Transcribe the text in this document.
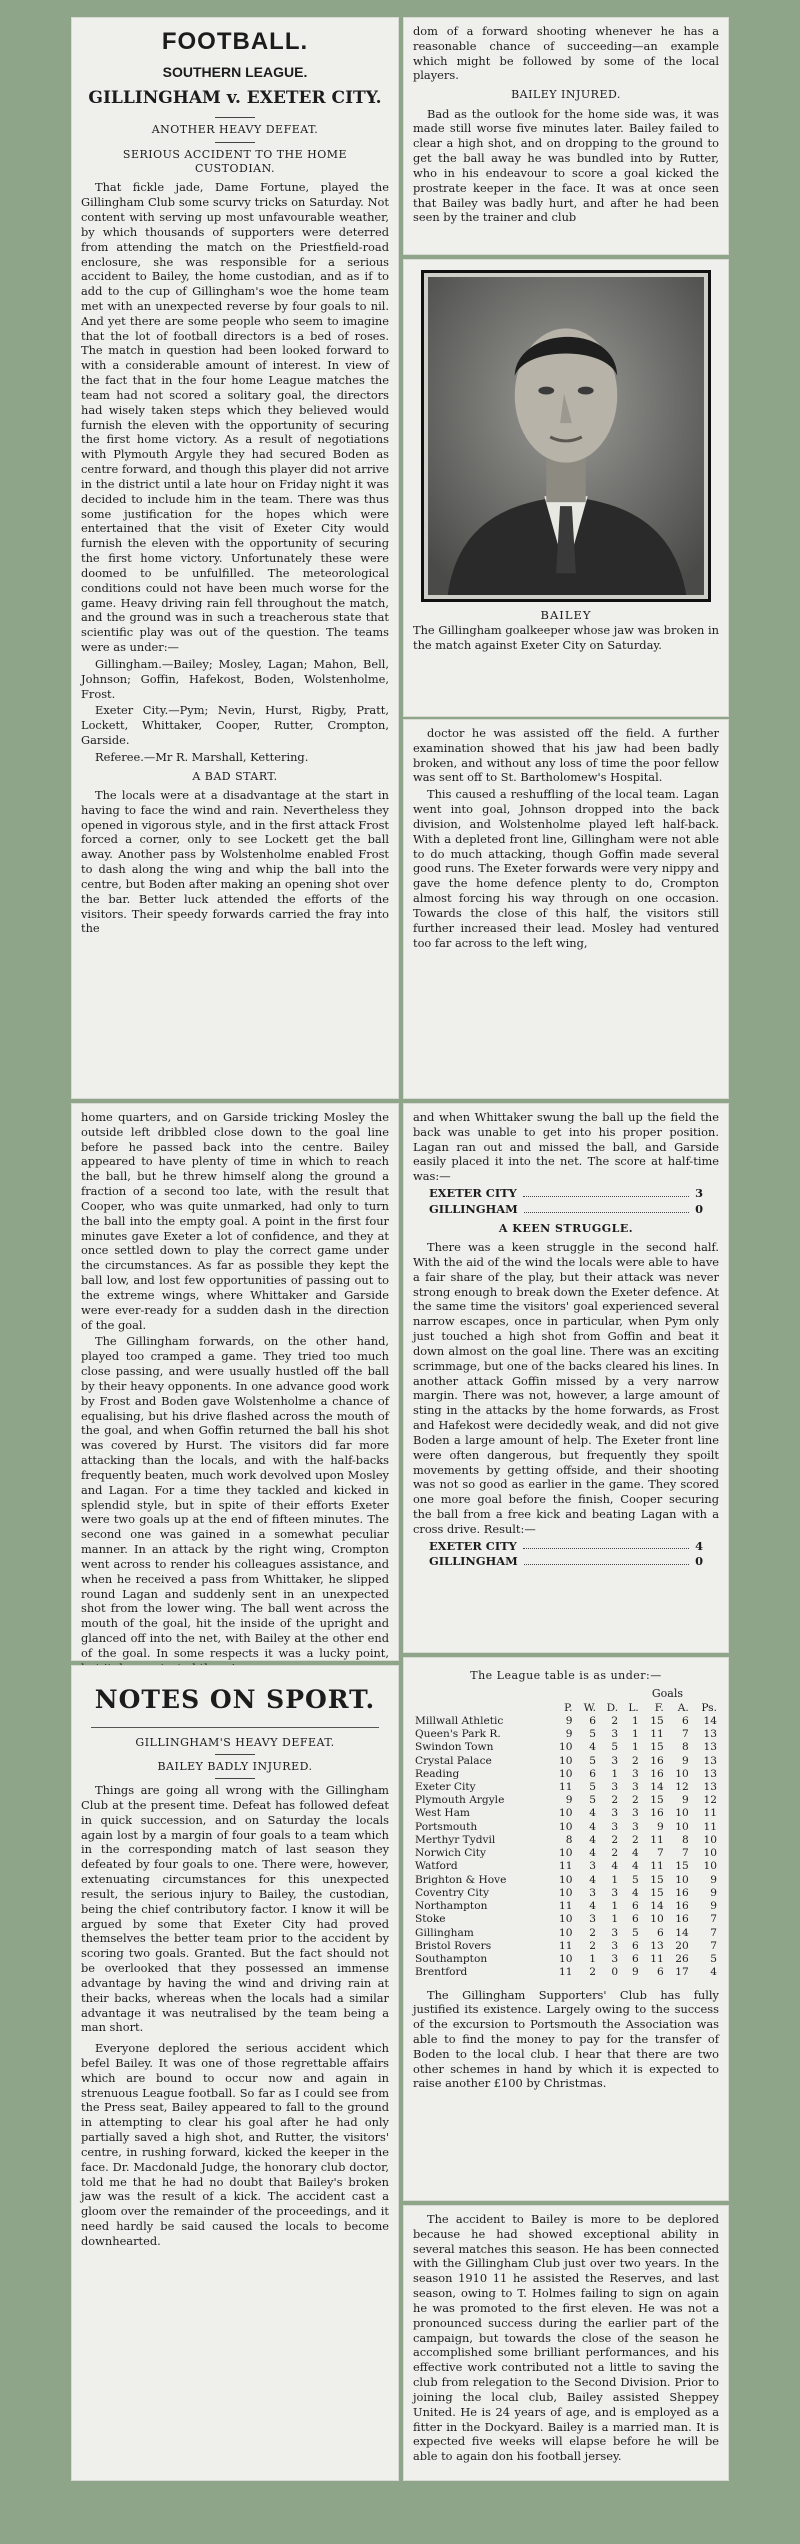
FOOTBALL.
SOUTHERN LEAGUE.
GILLINGHAM v. EXETER CITY.
ANOTHER HEAVY DEFEAT.
SERIOUS ACCIDENT TO THE HOME CUSTODIAN.

That fickle jade, Dame Fortune, played the Gillingham Club some scurvy tricks on Saturday. Not content with serving up most unfavourable weather, by which thousands of supporters were deterred from attending the match on the Priestfield-road enclosure, she was responsible for a serious accident to Bailey, the home custodian, and as if to add to the cup of Gillingham's woe the home team met with an unexpected reverse by four goals to nil. And yet there are some people who seem to imagine that the lot of football directors is a bed of roses. The match in question had been looked forward to with a considerable amount of interest. In view of the fact that in the four home League matches the team had not scored a solitary goal, the directors had wisely taken steps which they believed would furnish the eleven with the opportunity of securing the first home victory. As a result of negotiations with Plymouth Argyle they had secured Boden as centre forward, and though this player did not arrive in the district until a late hour on Friday night it was decided to include him in the team. There was thus some justification for the hopes which were entertained that the visit of Exeter City would furnish the eleven with the opportunity of securing the first home victory. Unfortunately these were doomed to be unfulfilled. The meteorological conditions could not have been much worse for the game. Heavy driving rain fell throughout the match, and the ground was in such a treacherous state that scientific play was out of the question. The teams were as under:—

Gillingham.—Bailey; Mosley, Lagan; Mahon, Bell, Johnson; Goffin, Hafekost, Boden, Wolstenholme, Frost.

Exeter City.—Pym; Nevin, Hurst, Rigby, Pratt, Lockett, Whittaker, Cooper, Rutter, Crompton, Garside.

Referee.—Mr R. Marshall, Kettering.

A BAD START.

The locals were at a disadvantage at the start in having to face the wind and rain. Nevertheless they opened in vigorous style, and in the first attack Frost forced a corner, only to see Lockett get the ball away. Another pass by Wolstenholme enabled Frost to dash along the wing and whip the ball into the centre, but Boden after making an opening shot over the bar. Better luck attended the efforts of the visitors. Their speedy forwards carried the fray into the

dom of a forward shooting whenever he has a reasonable chance of succeeding—an example which might be followed by some of the local players.

BAILEY INJURED.

Bad as the outlook for the home side was, it was made still worse five minutes later. Bailey failed to clear a high shot, and on dropping to the ground to get the ball away he was bundled into by Rutter, who in his endeavour to score a goal kicked the prostrate keeper in the face. It was at once seen that Bailey was badly hurt, and after he had been seen by the trainer and club

BAILEY

The Gillingham goalkeeper whose jaw was broken in the match against Exeter City on Saturday.

doctor he was assisted off the field. A further examination showed that his jaw had been badly broken, and without any loss of time the poor fellow was sent off to St. Bartholomew's Hospital.

This caused a reshuffling of the local team. Lagan went into goal, Johnson dropped into the back division, and Wolstenholme played left half-back. With a depleted front line, Gillingham were not able to do much attacking, though Goffin made several good runs. The Exeter forwards were very nippy and gave the home defence plenty to do, Crompton almost forcing his way through on one occasion. Towards the close of this half, the visitors still further increased their lead. Mosley had ventured too far across to the left wing,

home quarters, and on Garside tricking Mosley the outside left dribbled close down to the goal line before he passed back into the centre. Bailey appeared to have plenty of time in which to reach the ball, but he threw himself along the ground a fraction of a second too late, with the result that Cooper, who was quite unmarked, had only to turn the ball into the empty goal. A point in the first four minutes gave Exeter a lot of confidence, and they at once settled down to play the correct game under the circumstances. As far as possible they kept the ball low, and lost few opportunities of passing out to the extreme wings, where Whittaker and Garside were ever-ready for a sudden dash in the direction of the goal.

The Gillingham forwards, on the other hand, played too cramped a game. They tried too much close passing, and were usually hustled off the ball by their heavy opponents. In one advance good work by Frost and Boden gave Wolstenholme a chance of equalising, but his drive flashed across the mouth of the goal, and when Goffin returned the ball his shot was covered by Hurst. The visitors did far more attacking than the locals, and with the half-backs frequently beaten, much work devolved upon Mosley and Lagan. For a time they tackled and kicked in splendid style, but in spite of their efforts Exeter were two goals up at the end of fifteen minutes. The second one was gained in a somewhat peculiar manner. In an attack by the right wing, Crompton went across to render his colleagues assistance, and when he received a pass from Whittaker, he slipped round Lagan and suddenly sent in an unexpected shot from the lower wing. The ball went across the mouth of the goal, hit the inside of the upright and glanced off into the net, with Bailey at the other end of the goal. In some respects it was a lucky point,

and when Whittaker swung the ball up the field the back was unable to get into his proper position. Lagan ran out and missed the ball, and Garside easily placed it into the net. The score at half-time was:—

EXETER CITY	3
GILLINGHAM	0
A KEEN STRUGGLE.

There was a keen struggle in the second half. With the aid of the wind the locals were able to have a fair share of the play, but their attack was never strong enough to break down the Exeter defence. At the same time the visitors' goal experienced several narrow escapes, once in particular, when Pym only just touched a high shot from Goffin and beat it down almost on the goal line. There was an exciting scrimmage, but one of the backs cleared his lines. In another attack Goffin missed by a very narrow margin. There was not, however, a large amount of sting in the attacks by the home forwards, as Frost and Hafekost were decidedly weak, and did not give Boden a large amount of help. The Exeter front line were often dangerous, but frequently they spoilt movements by getting offside, and their shooting was not so good as earlier in the game. They scored one more goal before the finish, Cooper securing the ball from a free kick and beating Lagan with a cross drive. Result:—

EXETER CITY	4
GILLINGHAM	0
The League table is as under:—
Goals
	P.	W.	D.	L.	F.	A.	Ps.
Millwall Athletic	9	6	2	1	15	6	14
Queen's Park R.	9	5	3	1	11	7	13
Swindon Town	10	4	5	1	15	8	13
Crystal Palace	10	5	3	2	16	9	13
Reading	10	6	1	3	16	10	13
Exeter City	11	5	3	3	14	12	13
Plymouth Argyle	9	5	2	2	15	9	12
West Ham	10	4	3	3	16	10	11
Portsmouth	10	4	3	3	9	10	11
Merthyr Tydvil	8	4	2	2	11	8	10
Norwich City	10	4	2	4	7	7	10
Watford	11	3	4	4	11	15	10
Brighton & Hove	10	4	1	5	15	10	9
Coventry City	10	3	3	4	15	16	9
Northampton	11	4	1	6	14	16	9
Stoke	10	3	1	6	10	16	7
Gillingham	10	2	3	5	6	14	7
Bristol Rovers	11	2	3	6	13	20	7
Southampton	10	1	3	6	11	26	5
Brentford	11	2	0	9	6	17	4

The Gillingham Supporters' Club has fully justified its existence. Largely owing to the success of the excursion to Portsmouth the Association was able to find the money to pay for the transfer of Boden to the local club. I hear that there are two other schemes in hand by which it is expected to raise another £100 by Christmas.

NOTES ON SPORT.
GILLINGHAM'S HEAVY DEFEAT.
BAILEY BADLY INJURED.

Things are going all wrong with the Gillingham Club at the present time. Defeat has followed defeat in quick succession, and on Saturday the locals again lost by a margin of four goals to a team which in the corresponding match of last season they defeated by four goals to one. There were, however, extenuating circumstances for this unexpected result, the serious injury to Bailey, the custodian, being the chief contributory factor. I know it will be argued by some that Exeter City had proved themselves the better team prior to the accident by scoring two goals. Granted. But the fact should not be overlooked that they possessed an immense advantage by having the wind and driving rain at their backs, whereas when the locals had a similar advantage it was neutralised by the team being a man short.

Everyone deplored the serious accident which befel Bailey. It was one of those regrettable affairs which are bound to occur now and again in strenuous League football. So far as I could see from the Press seat, Bailey appeared to fall to the ground in attempting to clear his goal after he had only partially saved a high shot, and Rutter, the visitors' centre, in rushing forward, kicked the keeper in the face. Dr. Macdonald Judge, the honorary club doctor, told me that he had no doubt that Bailey's broken jaw was the result of a kick. The accident cast a gloom over the remainder of the proceedings, and it need hardly be said caused the locals to become downhearted.

The accident to Bailey is more to be deplored because he had showed exceptional ability in several matches this season. He has been connected with the Gillingham Club just over two years. In the season 1910 11 he assisted the Reserves, and last season, owing to T. Holmes failing to sign on again he was promoted to the first eleven. He was not a pronounced success during the earlier part of the campaign, but towards the close of the season he accomplished some brilliant performances, and his effective work contributed not a little to saving the club from relegation to the Second Division. Prior to joining the local club, Bailey assisted Sheppey United. He is 24 years of age, and is employed as a fitter in the Dockyard. Bailey is a married man. It is expected five weeks will elapse before he will be able to again don his football jersey.
